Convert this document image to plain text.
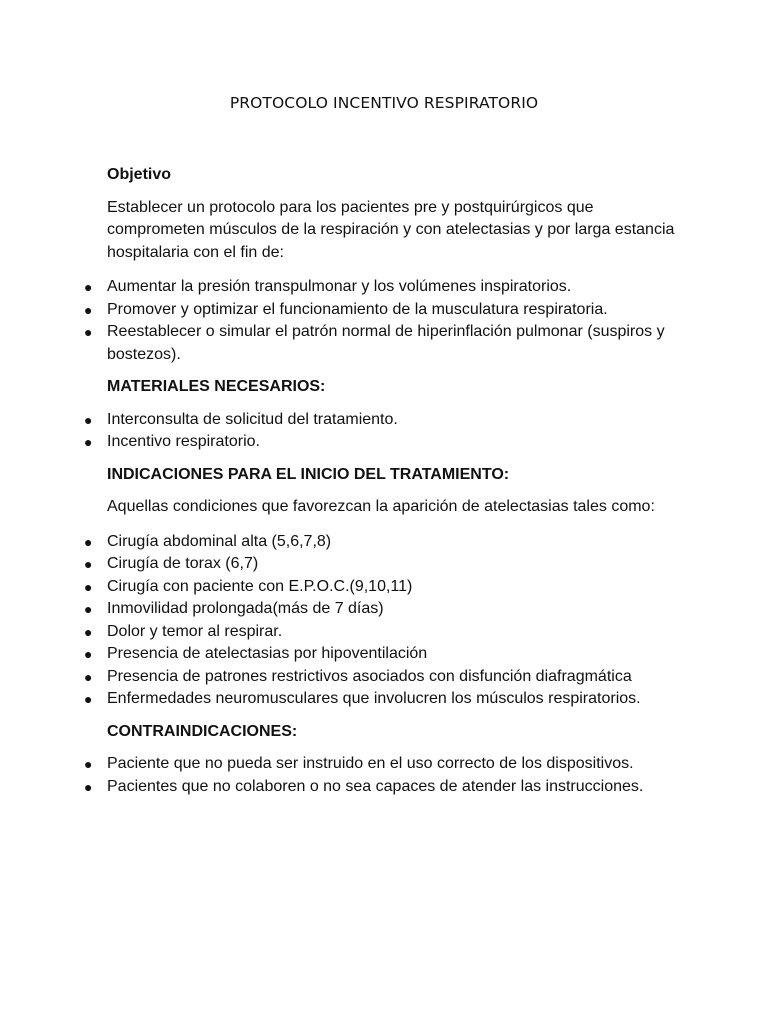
PROTOCOLO INCENTIVO RESPIRATORIO

Objetivo

Establecer un protocolo para los pacientes pre y postquirúrgicos que comprometen músculos de la respiración y con atelectasias y por larga estancia hospitalaria con el fin de:

● Aumentar la presión transpulmonar y los volúmenes inspiratorios.
● Promover y optimizar el funcionamiento de la musculatura respiratoria.
● Reestablecer o simular el patrón normal de hiperinflación pulmonar (suspiros y bostezos).

MATERIALES NECESARIOS:

● Interconsulta de solicitud del tratamiento.
● Incentivo respiratorio.

INDICACIONES PARA EL INICIO DEL TRATAMIENTO:

Aquellas condiciones que favorezcan la aparición de atelectasias tales como:

● Cirugía abdominal alta (5,6,7,8)
● Cirugía de torax (6,7)
● Cirugía con paciente con E.P.O.C.(9,10,11)
● Inmovilidad prolongada(más de 7 días)
● Dolor y temor al respirar.
● Presencia de atelectasias por hipoventilación
● Presencia de patrones restrictivos asociados con disfunción diafragmática
● Enfermedades neuromusculares que involucren los músculos respiratorios.

CONTRAINDICACIONES:

● Paciente que no pueda ser instruido en el uso correcto de los dispositivos.
● Pacientes que no colaboren o no sea capaces de atender las instrucciones.
